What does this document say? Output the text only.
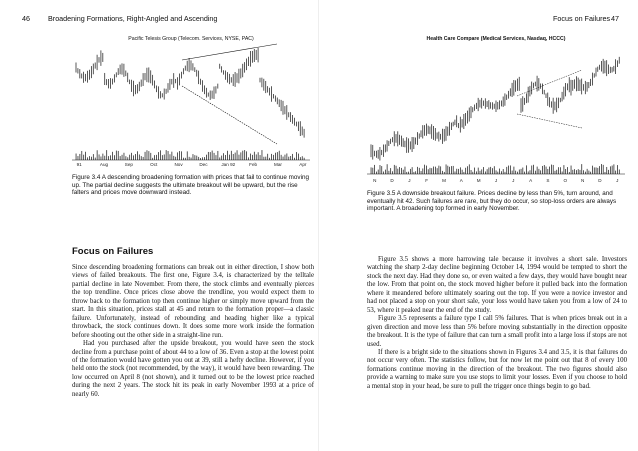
46	Broadening Formations, Right-Angled and Ascending
Pacific Telesis Group (Telecom. Services, NYSE, PAC)
91	Aug	Sep	Oct	Nov	Dec	Jan 92	Feb	Mar	Apr
Figure 3.4 A descending broadening formation with prices that fail to continue moving up. The partial decline suggests the ultimate breakout will be upward, but the rise falters and prices move downward instead.
Focus on Failures

Since descending broadening formations can break out in either direction, I show both views of failed breakouts. The first one, Figure 3.4, is characterized by the telltale partial decline in late November. From there, the stock climbs and eventually pierces the top trendline. Once prices close above the trendline, you would expect them to throw back to the formation top then continue higher or simply move upward from the start. In this situation, prices stall at 45 and return to the formation proper—a classic failure. Unfortunately, instead of rebounding and heading higher like a typical throwback, the stock continues down. It does some more work inside the formation before shooting out the other side in a straight-line run.

Had you purchased after the upside breakout, you would have seen the stock decline from a purchase point of about 44 to a low of 36. Even a stop at the lowest point of the formation would have gotten you out at 39, still a hefty decline. However, if you held onto the stock (not recommended, by the way), it would have been rewarding. The low occurred on April 8 (not shown), and it turned out to be the lowest price reached during the next 2 years. The stock hit its peak in early November 1993 at a price of nearly 60.

Focus on Failures 47
Health Care Compare (Medical Services, Nasdaq, HCCC)
N	D	J	F	M	A	M	J	J	A	S	O	N	D	J
Figure 3.5 A downside breakout failure. Prices decline by less than 5%, turn around, and eventually hit 42. Such failures are rare, but they do occur, so stop-loss orders are always important. A broadening top formed in early November.

Figure 3.5 shows a more harrowing tale because it involves a short sale. Investors watching the sharp 2-day decline beginning October 14, 1994 would be tempted to short the stock the next day. Had they done so, or even waited a few days, they would have bought near the low. From that point on, the stock moved higher before it pulled back into the formation where it meandered before ultimately soaring out the top. If you were a novice investor and had not placed a stop on your short sale, your loss would have taken you from a low of 24 to 53, where it peaked near the end of the study.

Figure 3.5 represents a failure type I call 5% failures. That is when prices break out in a given direction and move less than 5% before moving substantially in the direction opposite the breakout. It is the type of failure that can turn a small profit into a large loss if stops are not used.

If there is a bright side to the situations shown in Figures 3.4 and 3.5, it is that failures do not occur very often. The statistics follow, but for now let me point out that 8 of every 100 formations continue moving in the direction of the breakout. The two figures should also provide a warning to make sure you use stops to limit your losses. Even if you choose to hold a mental stop in your head, be sure to pull the trigger once things begin to go bad.
